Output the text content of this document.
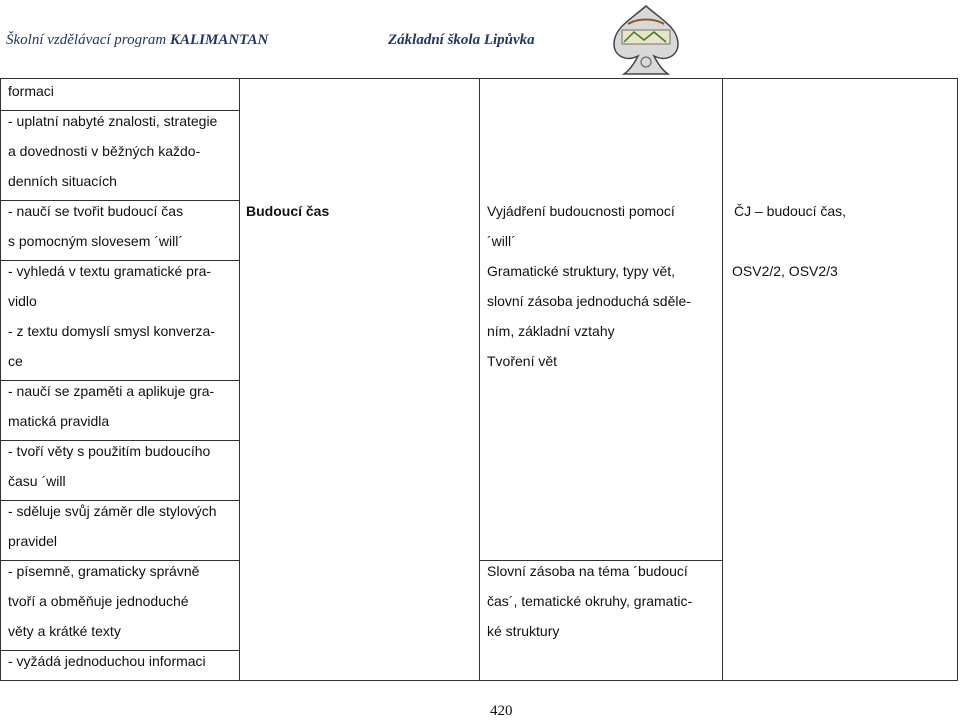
Školní vzdělávací program KALIMANTAN	Základní škola Lipůvka
formaci
- uplatní nabyté znalosti, strategie
a dovednosti v běžných každo-
denních situacích
- naučí se tvořit budoucí čas
s pomocným slovesem ´will´
- vyhledá v textu gramatické pra-
vidlo
- z textu domyslí smysl konverza-
ce
- naučí se zpaměti a aplikuje gra-
matická pravidla
- tvoří věty s použitím budoucího
času ´will
- sděluje svůj záměr dle stylových
pravidel
- písemně, gramaticky správně
tvoří a obměňuje jednoduché
věty a krátké texty
- vyžádá jednoduchou informaci
Budoucí čas	Vyjádření budoucnosti pomocí
´will´
Gramatické struktury, typy vět,
slovní zásoba jednoduchá sděle-
ním, základní vztahy
Tvoření vět
Slovní zásoba na téma ´budoucí
čas´, tematické okruhy, gramatic-
ké struktury
ČJ – budoucí čas,
OSV2/2, OSV2/3
420
